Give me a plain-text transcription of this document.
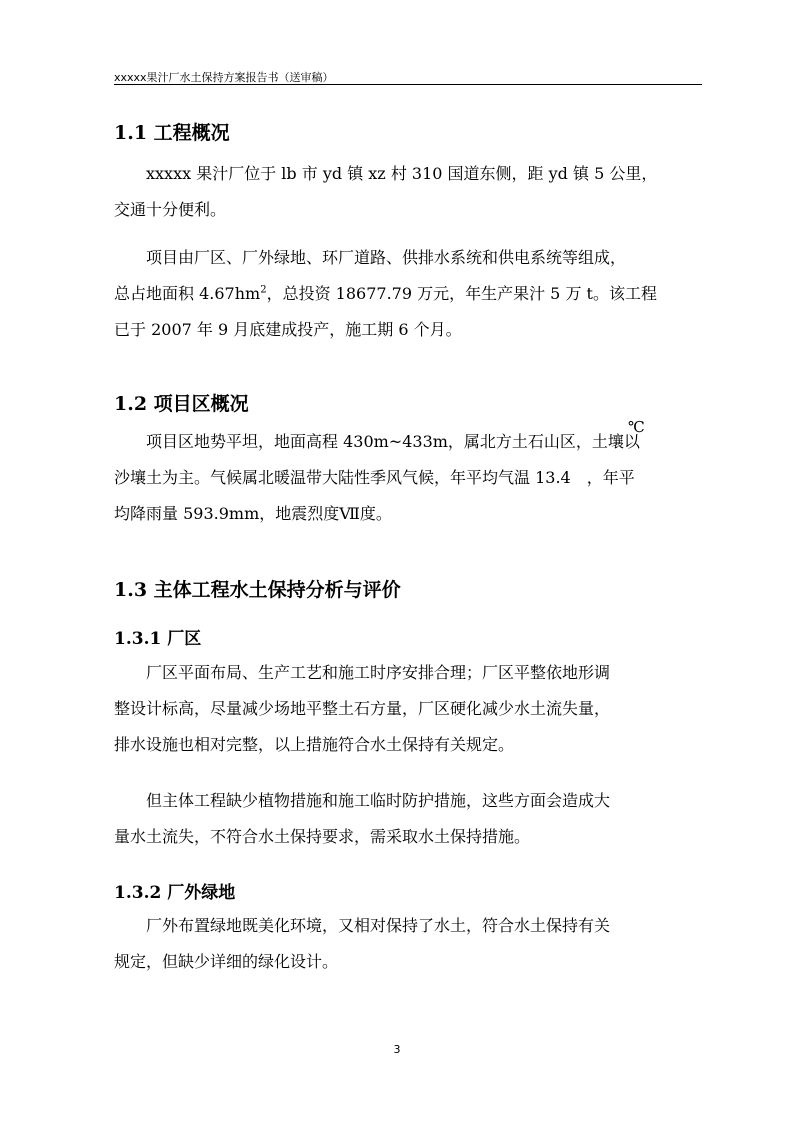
xxxxx果汁厂水土保持方案报告书（送审稿）
1.1 工程概况

xxxxx 果汁厂位于 lb 市 yd 镇 xz 村 310 国道东侧，距 yd 镇 5 公里，
交通十分便利。

项目由厂区、厂外绿地、环厂道路、供排水系统和供电系统等组成，
总占地面积 $4.67hm^2$，总投资 18677.79 万元，年生产果汁 5 万 t。该工程
已于 2007 年 9 月底建成投产，施工期 6 个月。

1.2 项目区概况
℃

项目区地势平坦，地面高程 430m~433m，属北方土石山区，土壤以
沙壤土为主。气候属北暖温带大陆性季风气候，年平均气温 13.4　，年平
均降雨量 593.9mm，地震烈度Ⅶ度。

1.3 主体工程水土保持分析与评价
1.3.1 厂区

厂区平面布局、生产工艺和施工时序安排合理；厂区平整依地形调
整设计标高，尽量减少场地平整土石方量，厂区硬化减少水土流失量，
排水设施也相对完整，以上措施符合水土保持有关规定。

但主体工程缺少植物措施和施工临时防护措施，这些方面会造成大
量水土流失，不符合水土保持要求，需采取水土保持措施。

1.3.2 厂外绿地

厂外布置绿地既美化环境，又相对保持了水土，符合水土保持有关
规定，但缺少详细的绿化设计。

3
